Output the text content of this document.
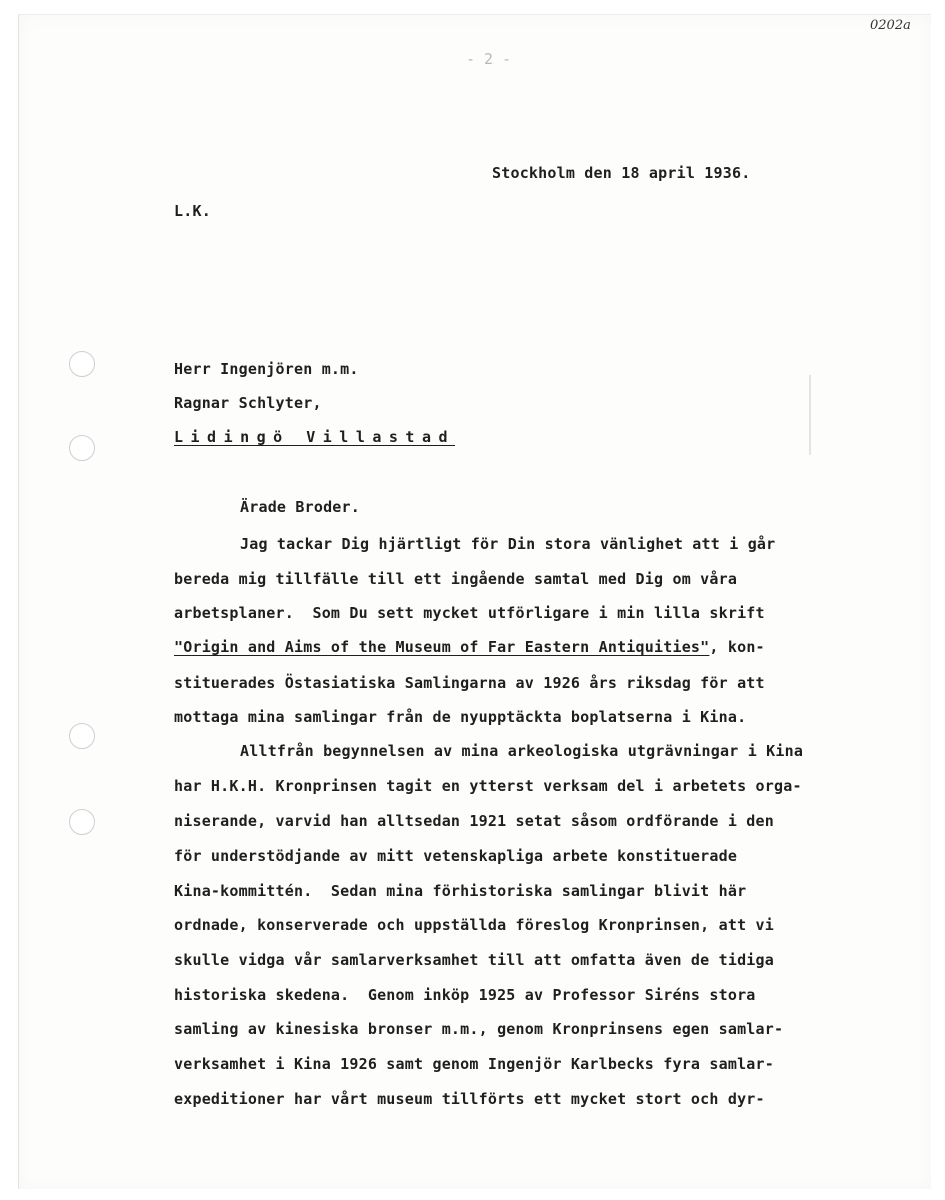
0202a
- 2 -
Stockholm den 18 april 1936.
L.K.
Herr Ingenjören m.m.
Ragnar Schlyter,
Lidingö Villastad
Ärade Broder.
Jag tackar Dig hjärtligt för Din stora vänlighet att i går
bereda mig tillfälle till ett ingående samtal med Dig om våra
arbetsplaner.  Som Du sett mycket utförligare i min lilla skrift
"Origin and Aims of the Museum of Far Eastern Antiquities", kon-
stituerades Östasiatiska Samlingarna av 1926 års riksdag för att
mottaga mina samlingar från de nyupptäckta boplatserna i Kina.
Alltfrån begynnelsen av mina arkeologiska utgrävningar i Kina
har H.K.H. Kronprinsen tagit en ytterst verksam del i arbetets orga-
niserande, varvid han alltsedan 1921 setat såsom ordförande i den
för understödjande av mitt vetenskapliga arbete konstituerade
Kina-kommittén.  Sedan mina förhistoriska samlingar blivit här
ordnade, konserverade och uppställda föreslog Kronprinsen, att vi
skulle vidga vår samlarverksamhet till att omfatta även de tidiga
historiska skedena.  Genom inköp 1925 av Professor Siréns stora
samling av kinesiska bronser m.m., genom Kronprinsens egen samlar-
verksamhet i Kina 1926 samt genom Ingenjör Karlbecks fyra samlar-
expeditioner har vårt museum tillförts ett mycket stort och dyr-
